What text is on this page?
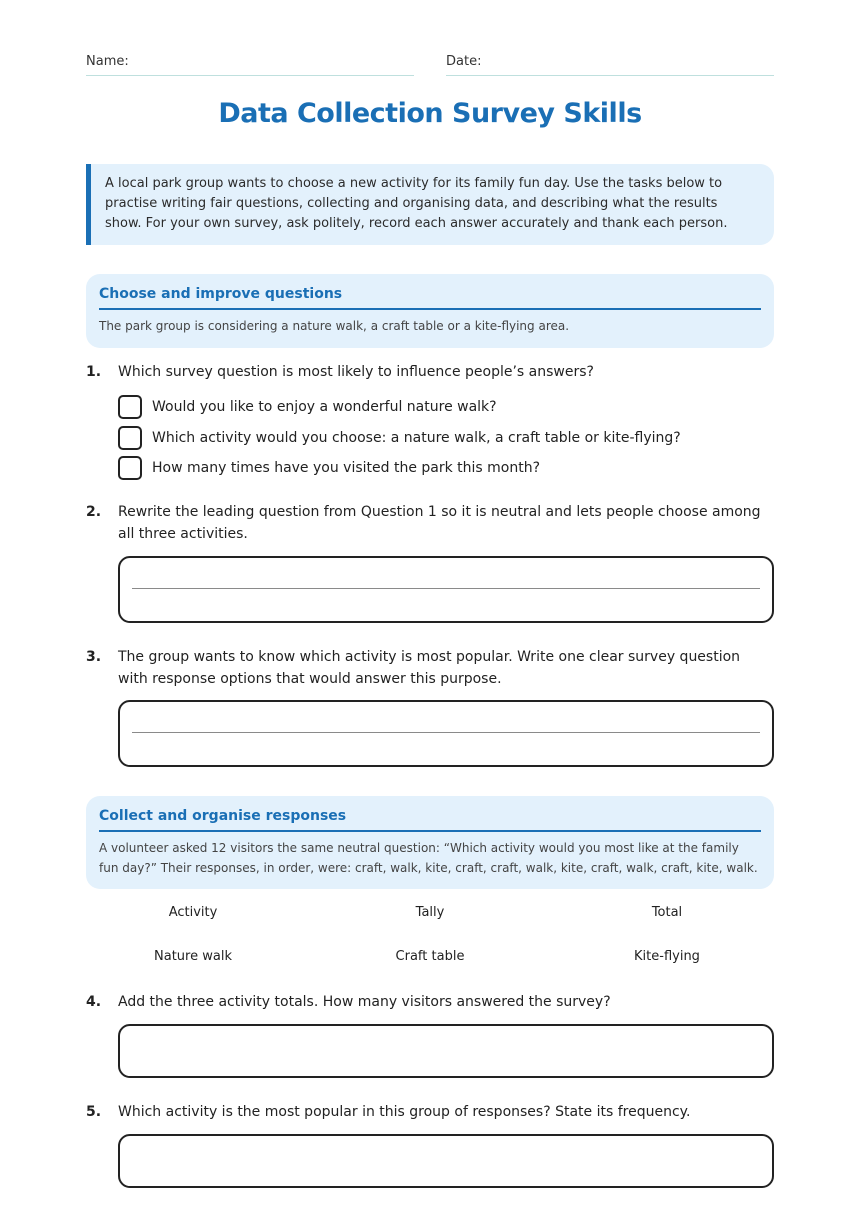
Name:	Date:
Data Collection Survey Skills
A local park group wants to choose a new activity for its family fun day. Use the tasks below to practise writing fair questions, collecting and organising data, and describing what the results show. For your own survey, ask politely, record each answer accurately and thank each person.
Choose and improve questions
The park group is considering a nature walk, a craft table or a kite-flying area.
1. Which survey question is most likely to influence people’s answers?
Would you like to enjoy a wonderful nature walk?
Which activity would you choose: a nature walk, a craft table or kite-flying?
How many times have you visited the park this month?
2. Rewrite the leading question from Question 1 so it is neutral and lets people choose among all three activities.
3. The group wants to know which activity is most popular. Write one clear survey question with response options that would answer this purpose.
Collect and organise responses
A volunteer asked 12 visitors the same neutral question: “Which activity would you most like at the family fun day?” Their responses, in order, were: craft, walk, kite, craft, craft, walk, kite, craft, walk, craft, kite, walk.
Activity	Tally	Total
Nature walk	Craft table	Kite-flying
4. Add the three activity totals. How many visitors answered the survey?
5. Which activity is the most popular in this group of responses? State its frequency.
